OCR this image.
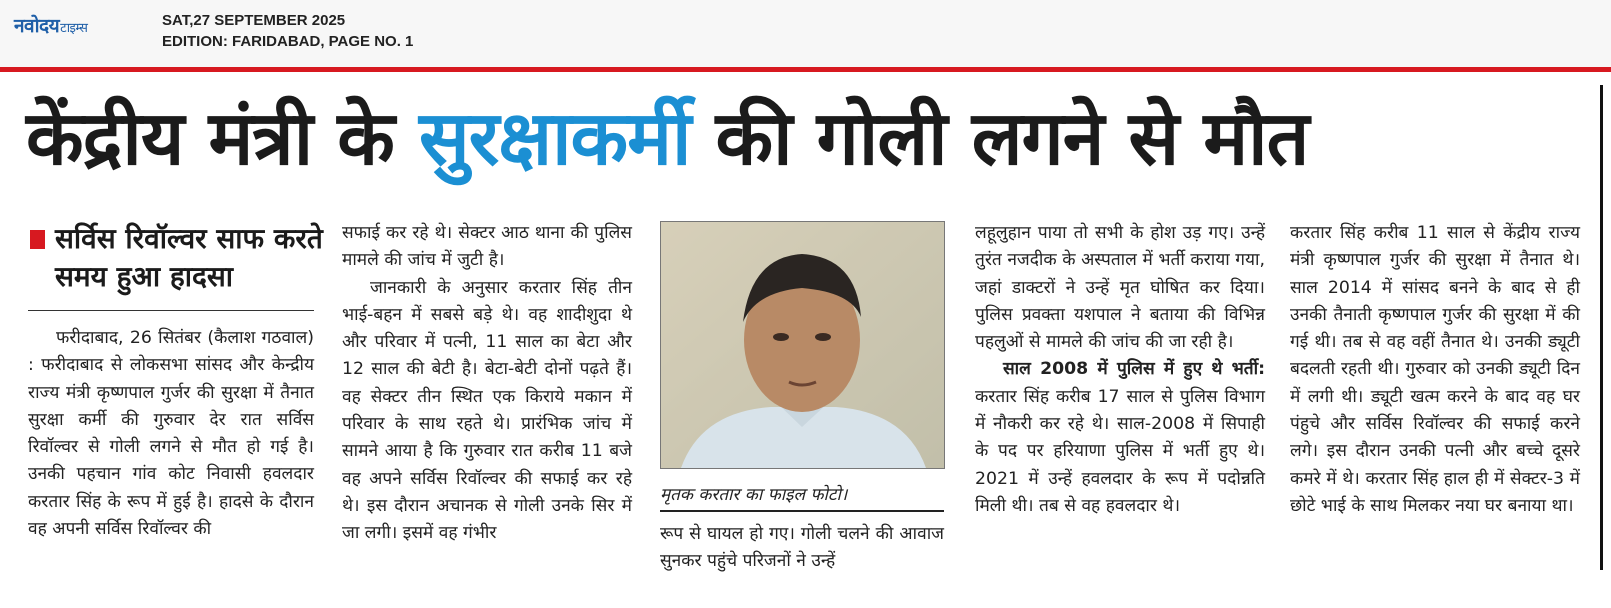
नवोदयटाइम्स	SAT,27 SEPTEMBER 2025
EDITION: FARIDABAD, PAGE NO. 1
केंद्रीय मंत्री के सुरक्षाकर्मी की गोली लगने से मौत
सर्विस रिवॉल्वर साफ करते समय हुआ हादसा

फरीदाबाद, 26 सितंबर (कैलाश गठवाल) : फरीदाबाद से लोकसभा सांसद और केन्द्रीय राज्य मंत्री कृष्णपाल गुर्जर की सुरक्षा में तैनात सुरक्षा कर्मी की गुरुवार देर रात सर्विस रिवॉल्वर से गोली लगने से मौत हो गई है। उनकी पहचान गांव कोट निवासी हवलदार करतार सिंह के रूप में हुई है। हादसे के दौरान वह अपनी सर्विस रिवॉल्वर की

सफाई कर रहे थे। सेक्टर आठ थाना की पुलिस मामले की जांच में जुटी है।

जानकारी के अनुसार करतार सिंह तीन भाई-बहन में सबसे बड़े थे। वह शादीशुदा थे और परिवार में पत्नी, 11 साल का बेटा और 12 साल की बेटी है। बेटा-बेटी दोनों पढ़ते हैं। वह सेक्टर तीन स्थित एक किराये मकान में परिवार के साथ रहते थे। प्रारंभिक जांच में सामने आया है कि गुरुवार रात करीब 11 बजे वह अपने सर्विस रिवॉल्वर की सफाई कर रहे थे। इस दौरान अचानक से गोली उनके सिर में जा लगी। इसमें वह गंभीर

मृतक करतार का फाइल फोटो।

रूप से घायल हो गए। गोली चलने की आवाज सुनकर पहुंचे परिजनों ने उन्हें

लहूलुहान पाया तो सभी के होश उड़ गए। उन्हें तुरंत नजदीक के अस्पताल में भर्ती कराया गया, जहां डाक्टरों ने उन्हें मृत घोषित कर दिया। पुलिस प्रवक्ता यशपाल ने बताया की विभिन्न पहलुओं से मामले की जांच की जा रही है।

साल 2008 में पुलिस में हुए थे भर्ती: करतार सिंह करीब 17 साल से पुलिस विभाग में नौकरी कर रहे थे। साल-2008 में सिपाही के पद पर हरियाणा पुलिस में भर्ती हुए थे। 2021 में उन्हें हवलदार के रूप में पदोन्नति मिली थी। तब से वह हवलदार थे।

करतार सिंह करीब 11 साल से केंद्रीय राज्य मंत्री कृष्णपाल गुर्जर की सुरक्षा में तैनात थे। साल 2014 में सांसद बनने के बाद से ही उनकी तैनाती कृष्णपाल गुर्जर की सुरक्षा में की गई थी। तब से वह वहीं तैनात थे। उनकी ड्यूटी बदलती रहती थी। गुरुवार को उनकी ड्यूटी दिन में लगी थी। ड्यूटी खत्म करने के बाद वह घर पंहुचे और सर्विस रिवॉल्वर की सफाई करने लगे। इस दौरान उनकी पत्नी और बच्चे दूसरे कमरे में थे। करतार सिंह हाल ही में सेक्टर-3 में छोटे भाई के साथ मिलकर नया घर बनाया था।
